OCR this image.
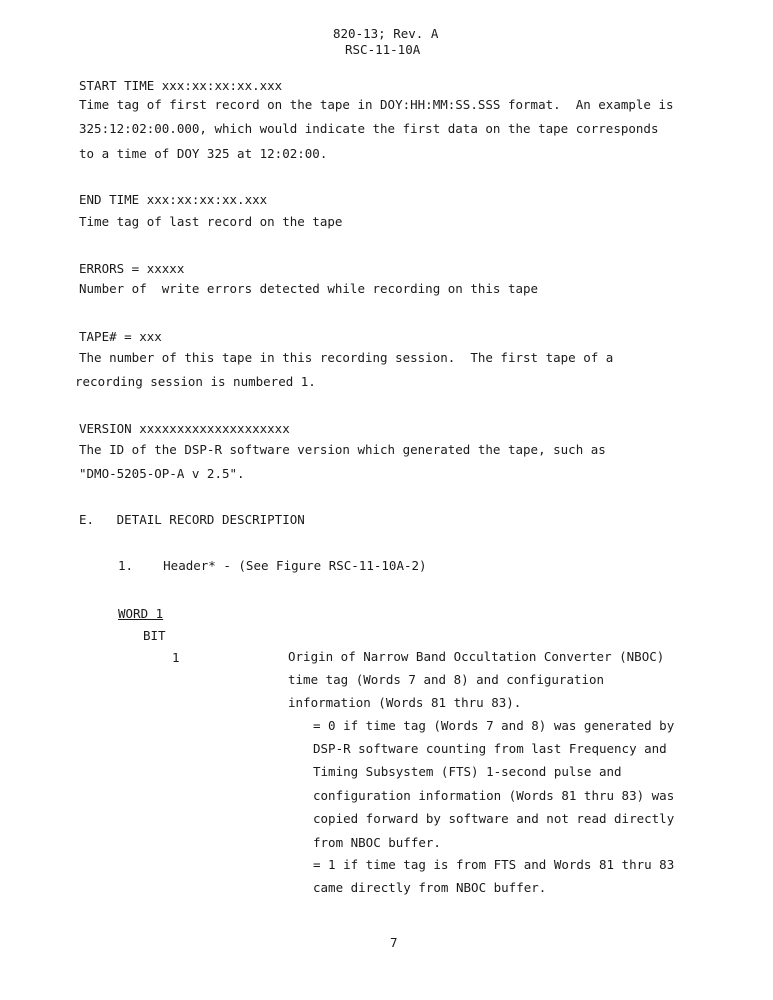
820-13; Rev. A
RSC-11-10A
START TIME xxx:xx:xx:xx.xxx
Time tag of first record on the tape in DOY:HH:MM:SS.SSS format.  An example is
325:12:02:00.000, which would indicate the first data on the tape corresponds
to a time of DOY 325 at 12:02:00.
END TIME xxx:xx:xx:xx.xxx
Time tag of last record on the tape
ERRORS = xxxxx
Number of  write errors detected while recording on this tape
TAPE# = xxx
The number of this tape in this recording session.  The first tape of a
recording session is numbered 1.
VERSION xxxxxxxxxxxxxxxxxxxx
The ID of the DSP-R software version which generated the tape, such as
"DMO-5205-OP-A v 2.5".
E.   DETAIL RECORD DESCRIPTION
1.    Header* - (See Figure RSC-11-10A-2)
WORD 1
BIT
1	Origin of Narrow Band Occultation Converter (NBOC)
time tag (Words 7 and 8) and configuration
information (Words 81 thru 83).
= 0 if time tag (Words 7 and 8) was generated by
DSP-R software counting from last Frequency and
Timing Subsystem (FTS) 1-second pulse and
configuration information (Words 81 thru 83) was
copied forward by software and not read directly
from NBOC buffer.
= 1 if time tag is from FTS and Words 81 thru 83
came directly from NBOC buffer.
7
